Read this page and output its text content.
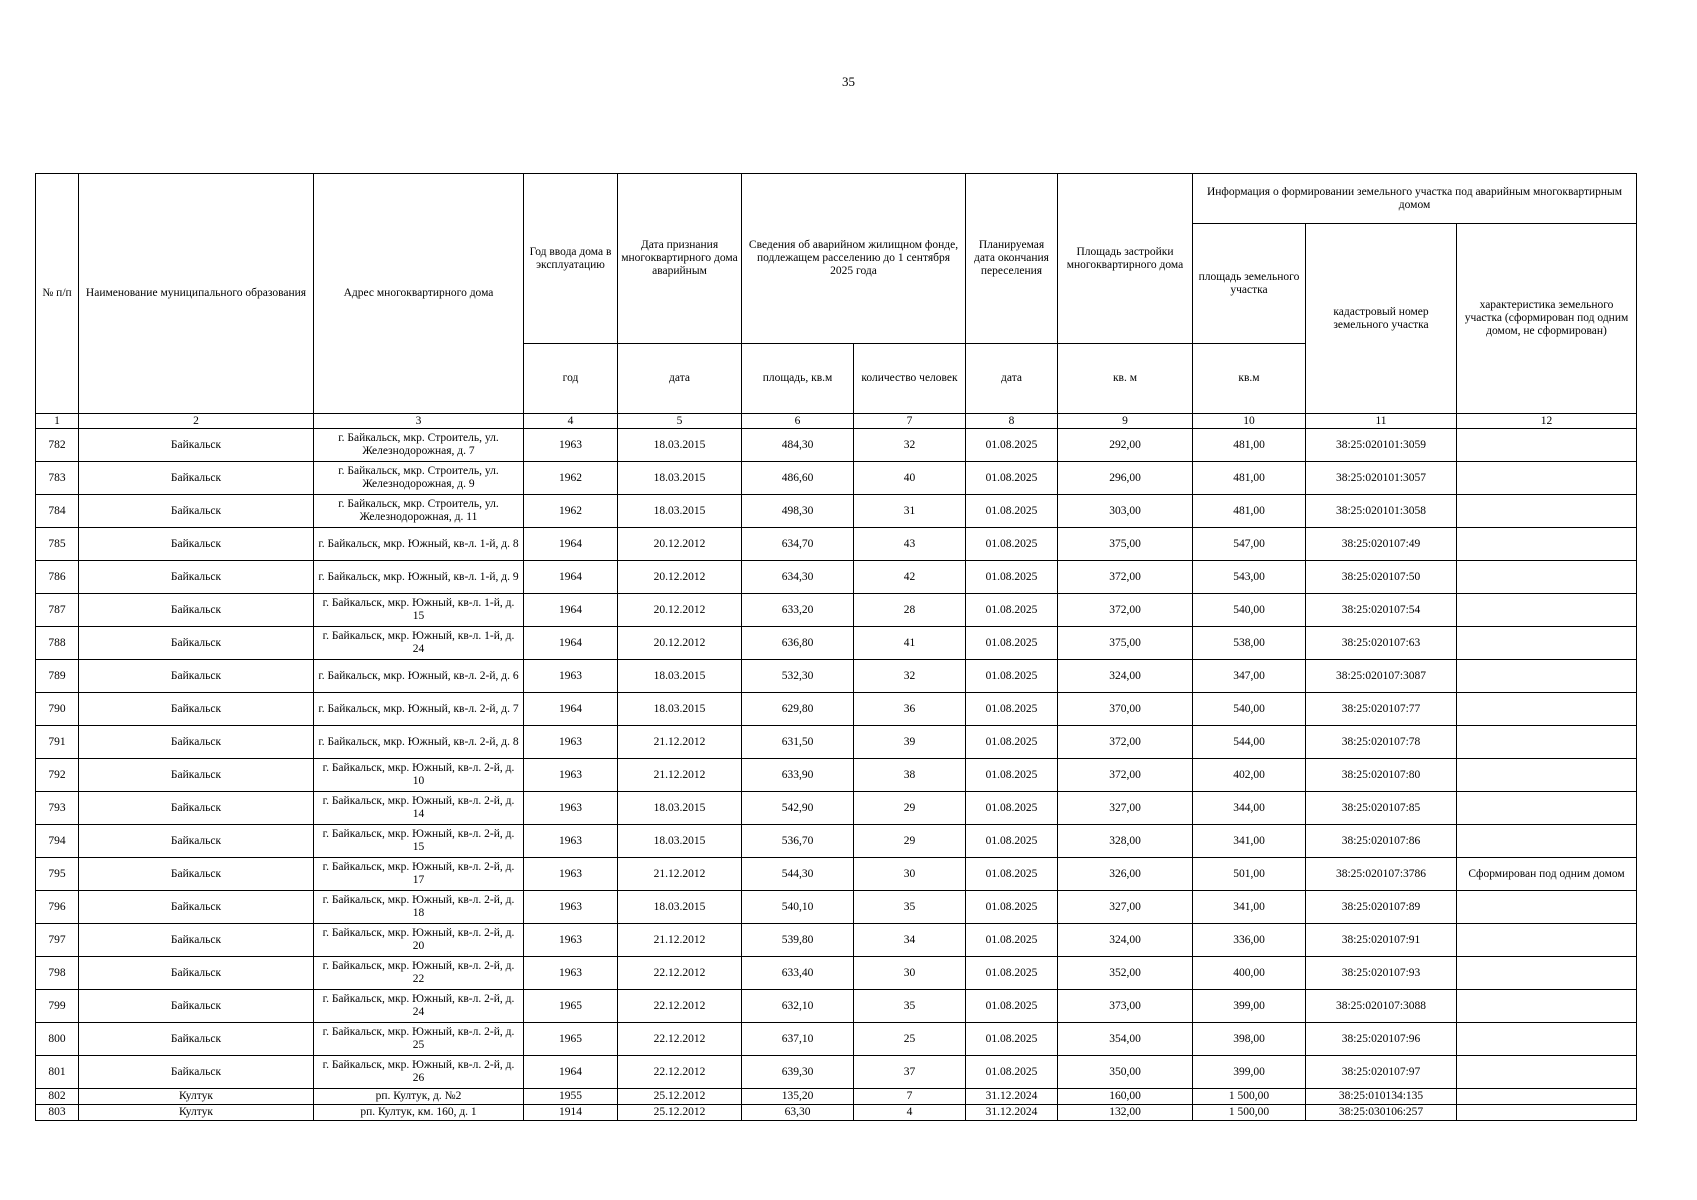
35
№ п/п	Наименование муниципального образования	Адрес многоквартирного дома	Год ввода дома в эксплуатацию	Дата признания многоквартирного дома аварийным	Сведения об аварийном жилищном фонде, подлежащем расселению до 1 сентября 2025 года		Планируемая дата окончания переселения	Площадь застройки многоквартирного дома	Информация о формировании земельного участка под аварийным многоквартирным домом		
									площадь земельного участка	кадастровый номер земельного участка	характеристика земельного участка (сформирован под одним домом, не сформирован)
			год	дата	площадь, кв.м	количество человек	дата	кв. м	кв.м		
1	2	3	4	5	6	7	8	9	10	11	12
782	Байкальск	г. Байкальск, мкр. Строитель, ул. Железнодорожная, д. 7	1963	18.03.2015	484,30	32	01.08.2025	292,00	481,00	38:25:020101:3059	
783	Байкальск	г. Байкальск, мкр. Строитель, ул. Железнодорожная, д. 9	1962	18.03.2015	486,60	40	01.08.2025	296,00	481,00	38:25:020101:3057	
784	Байкальск	г. Байкальск, мкр. Строитель, ул. Железнодорожная, д. 11	1962	18.03.2015	498,30	31	01.08.2025	303,00	481,00	38:25:020101:3058	
785	Байкальск	г. Байкальск, мкр. Южный, кв-л. 1-й, д. 8	1964	20.12.2012	634,70	43	01.08.2025	375,00	547,00	38:25:020107:49	
786	Байкальск	г. Байкальск, мкр. Южный, кв-л. 1-й, д. 9	1964	20.12.2012	634,30	42	01.08.2025	372,00	543,00	38:25:020107:50	
787	Байкальск	г. Байкальск, мкр. Южный, кв-л. 1-й, д. 15	1964	20.12.2012	633,20	28	01.08.2025	372,00	540,00	38:25:020107:54	
788	Байкальск	г. Байкальск, мкр. Южный, кв-л. 1-й, д. 24	1964	20.12.2012	636,80	41	01.08.2025	375,00	538,00	38:25:020107:63	
789	Байкальск	г. Байкальск, мкр. Южный, кв-л. 2-й, д. 6	1963	18.03.2015	532,30	32	01.08.2025	324,00	347,00	38:25:020107:3087	
790	Байкальск	г. Байкальск, мкр. Южный, кв-л. 2-й, д. 7	1964	18.03.2015	629,80	36	01.08.2025	370,00	540,00	38:25:020107:77	
791	Байкальск	г. Байкальск, мкр. Южный, кв-л. 2-й, д. 8	1963	21.12.2012	631,50	39	01.08.2025	372,00	544,00	38:25:020107:78	
792	Байкальск	г. Байкальск, мкр. Южный, кв-л. 2-й, д. 10	1963	21.12.2012	633,90	38	01.08.2025	372,00	402,00	38:25:020107:80	
793	Байкальск	г. Байкальск, мкр. Южный, кв-л. 2-й, д. 14	1963	18.03.2015	542,90	29	01.08.2025	327,00	344,00	38:25:020107:85	
794	Байкальск	г. Байкальск, мкр. Южный, кв-л. 2-й, д. 15	1963	18.03.2015	536,70	29	01.08.2025	328,00	341,00	38:25:020107:86	
795	Байкальск	г. Байкальск, мкр. Южный, кв-л. 2-й, д. 17	1963	21.12.2012	544,30	30	01.08.2025	326,00	501,00	38:25:020107:3786	Сформирован под одним домом
796	Байкальск	г. Байкальск, мкр. Южный, кв-л. 2-й, д. 18	1963	18.03.2015	540,10	35	01.08.2025	327,00	341,00	38:25:020107:89	
797	Байкальск	г. Байкальск, мкр. Южный, кв-л. 2-й, д. 20	1963	21.12.2012	539,80	34	01.08.2025	324,00	336,00	38:25:020107:91	
798	Байкальск	г. Байкальск, мкр. Южный, кв-л. 2-й, д. 22	1963	22.12.2012	633,40	30	01.08.2025	352,00	400,00	38:25:020107:93	
799	Байкальск	г. Байкальск, мкр. Южный, кв-л. 2-й, д. 24	1965	22.12.2012	632,10	35	01.08.2025	373,00	399,00	38:25:020107:3088	
800	Байкальск	г. Байкальск, мкр. Южный, кв-л. 2-й, д. 25	1965	22.12.2012	637,10	25	01.08.2025	354,00	398,00	38:25:020107:96	
801	Байкальск	г. Байкальск, мкр. Южный, кв-л. 2-й, д. 26	1964	22.12.2012	639,30	37	01.08.2025	350,00	399,00	38:25:020107:97	
802	Култук	рп. Култук, д. №2	1955	25.12.2012	135,20	7	31.12.2024	160,00	1 500,00	38:25:010134:135	
803	Култук	рп. Култук, км. 160, д. 1	1914	25.12.2012	63,30	4	31.12.2024	132,00	1 500,00	38:25:030106:257	
